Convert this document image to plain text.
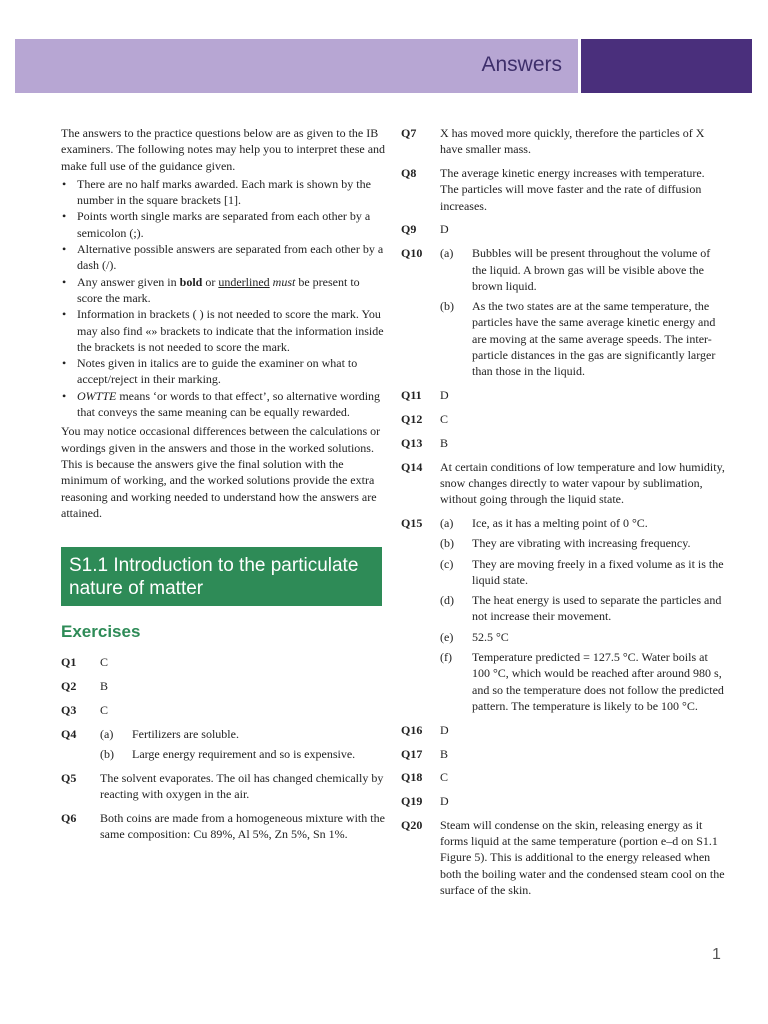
Answers

The answers to the practice questions below are as given to the IB examiners. The following notes may help you to interpret these and make full use of the guidance given.

• There are no half marks awarded. Each mark is shown by the number in the square brackets [1].
• Points worth single marks are separated from each other by a semicolon (;).
• Alternative possible answers are separated from each other by a dash (/).
• Any answer given in bold or underlined must be present to score the mark.
• Information in brackets ( ) is not needed to score the mark. You may also find «» brackets to indicate that the information inside the brackets is not needed to score the mark.
• Notes given in italics are to guide the examiner on what to accept/reject in their marking.
• OWTTE means ‘or words to that effect’, so alternative wording that conveys the same meaning can be equally rewarded.

You may notice occasional differences between the calculations or wordings given in the answers and those in the worked solutions. This is because the answers give the final solution with the minimum of working, and the worked solutions provide the extra reasoning and working needed to understand how the answers are attained.

S1.1 Introduction to the particulate nature of matter
Exercises
Q1	C
Q2	B
Q3	C
Q4	(a)	Fertilizers are soluble.
(b)	Large energy requirement and so is expensive.
Q5	The solvent evaporates. The oil has changed chemically by reacting with oxygen in the air.
Q6	Both coins are made from a homogeneous mixture with the same composition: Cu 89%, Al 5%, Zn 5%, Sn 1%.
Q7	X has moved more quickly, therefore the particles of X have smaller mass.
Q8	The average kinetic energy increases with temperature. The particles will move faster and the rate of diffusion increases.
Q9	D
Q10	(a)	Bubbles will be present throughout the volume of the liquid. A brown gas will be visible above the brown liquid.
(b)	As the two states are at the same temperature, the particles have the same average kinetic energy and are moving at the same average speeds. The inter-particle distances in the gas are significantly larger than those in the liquid.
Q11	D
Q12	C
Q13	B
Q14	At certain conditions of low temperature and low humidity, snow changes directly to water vapour by sublimation, without going through the liquid state.
Q15	(a)	Ice, as it has a melting point of 0 °C.
(b)	They are vibrating with increasing frequency.
(c)	They are moving freely in a fixed volume as it is the liquid state.
(d)	The heat energy is used to separate the particles and not increase their movement.
(e)	52.5 °C
(f)	Temperature predicted = 127.5 °C. Water boils at 100 °C, which would be reached after around 980 s, and so the temperature does not follow the predicted pattern. The temperature is likely to be 100 °C.
Q16	D
Q17	B
Q18	C
Q19	D
Q20	Steam will condense on the skin, releasing energy as it forms liquid at the same temperature (portion e–d on S1.1 Figure 5). This is additional to the energy released when both the boiling water and the condensed steam cool on the surface of the skin.
1
